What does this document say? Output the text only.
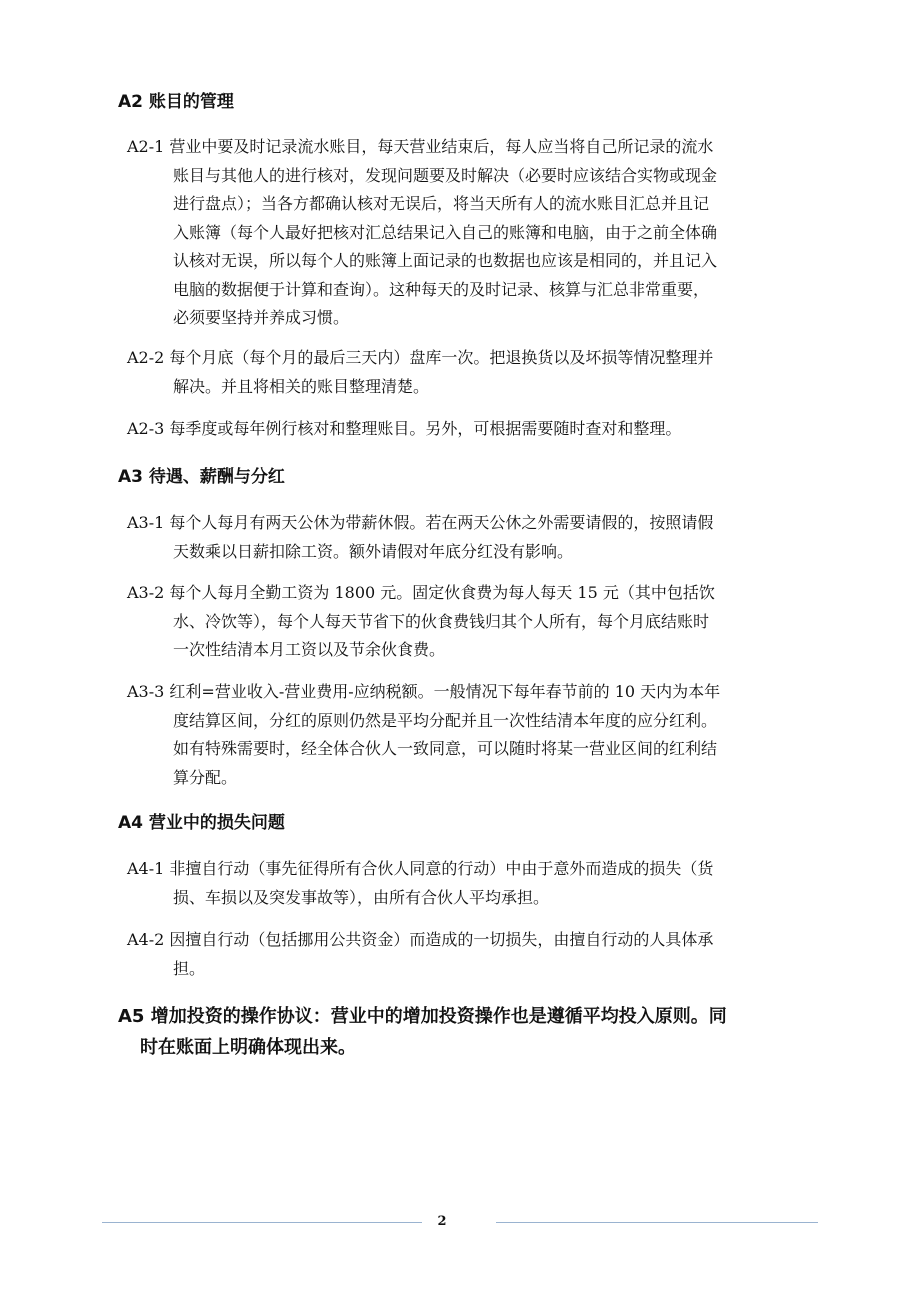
A2 账目的管理
A2-1 营业中要及时记录流水账目，每天营业结束后，每人应当将自己所记录的流水
账目与其他人的进行核对，发现问题要及时解决（必要时应该结合实物或现金
进行盘点）；当各方都确认核对无误后，将当天所有人的流水账目汇总并且记
入账簿（每个人最好把核对汇总结果记入自己的账簿和电脑，由于之前全体确
认核对无误，所以每个人的账簿上面记录的也数据也应该是相同的，并且记入
电脑的数据便于计算和查询）。这种每天的及时记录、核算与汇总非常重要，
必须要坚持并养成习惯。
A2-2 每个月底（每个月的最后三天内）盘库一次。把退换货以及坏损等情况整理并
解决。并且将相关的账目整理清楚。
A2-3 每季度或每年例行核对和整理账目。另外，可根据需要随时查对和整理。
A3 待遇、薪酬与分红
A3-1 每个人每月有两天公休为带薪休假。若在两天公休之外需要请假的，按照请假
天数乘以日薪扣除工资。额外请假对年底分红没有影响。
A3-2 每个人每月全勤工资为 1800 元。固定伙食费为每人每天 15 元（其中包括饮
水、冷饮等），每个人每天节省下的伙食费钱归其个人所有，每个月底结账时
一次性结清本月工资以及节余伙食费。
A3-3 红利=营业收入-营业费用-应纳税额。一般情况下每年春节前的 10 天内为本年
度结算区间，分红的原则仍然是平均分配并且一次性结清本年度的应分红利。
如有特殊需要时，经全体合伙人一致同意，可以随时将某一营业区间的红利结
算分配。
A4 营业中的损失问题
A4-1 非擅自行动（事先征得所有合伙人同意的行动）中由于意外而造成的损失（货
损、车损以及突发事故等），由所有合伙人平均承担。
A4-2 因擅自行动（包括挪用公共资金）而造成的一切损失，由擅自行动的人具体承
担。
A5 增加投资的操作协议：营业中的增加投资操作也是遵循平均投入原则。同
时在账面上明确体现出来。
2
